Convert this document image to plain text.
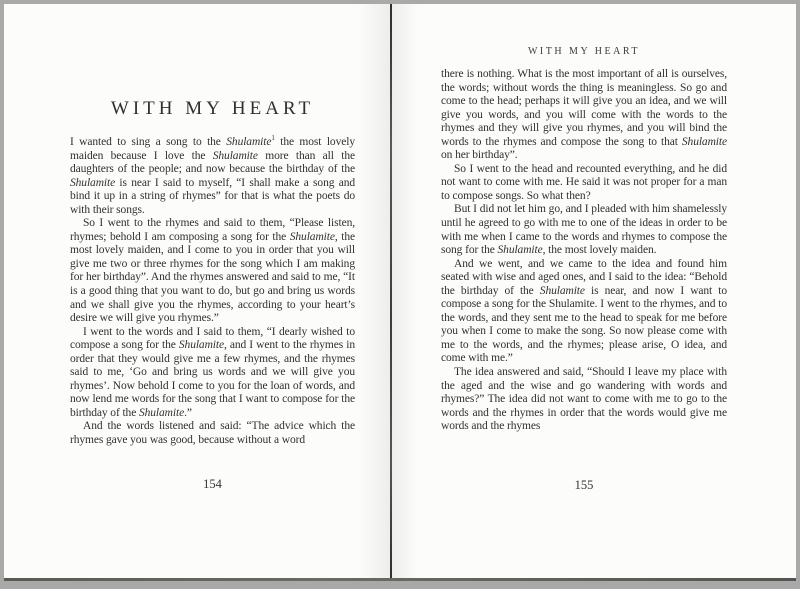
WITH MY HEART

I wanted to sing a song to the Shulamite$^1$ the most lovely maiden because I love the Shulamite more than all the daughters of the people; and now because the birthday of the Shulamite is near I said to myself, “I shall make a song and bind it up in a string of rhymes” for that is what the poets do with their songs.

So I went to the rhymes and said to them, “Please listen, rhymes; behold I am composing a song for the Shulamite, the most lovely maiden, and I come to you in order that you will give me two or three rhymes for the song which I am making for her birthday”. And the rhymes answered and said to me, “It is a good thing that you want to do, but go and bring us words and we shall give you the rhymes, according to your heart’s desire we will give you rhymes.”

I went to the words and I said to them, “I dearly wished to compose a song for the Shulamite, and I went to the rhymes in order that they would give me a few rhymes, and the rhymes said to me, ‘Go and bring us words and we will give you rhymes’. Now behold I come to you for the loan of words, and now lend me words for the song that I want to compose for the birthday of the Shulamite.”

And the words listened and said: “The advice which the rhymes gave you was good, because without a word

154
WITH MY HEART

there is nothing. What is the most important of all is ourselves, the words; without words the thing is meaningless. So go and come to the head; perhaps it will give you an idea, and we will give you words, and you will come with the words to the rhymes and they will give you rhymes, and you will bind the words to the rhymes and compose the song to that Shulamite on her birthday”.

So I went to the head and recounted everything, and he did not want to come with me. He said it was not proper for a man to compose songs. So what then?

But I did not let him go, and I pleaded with him shamelessly until he agreed to go with me to one of the ideas in order to be with me when I came to the words and rhymes to compose the song for the Shulamite, the most lovely maiden.

And we went, and we came to the idea and found him seated with wise and aged ones, and I said to the idea: “Behold the birthday of the Shulamite is near, and now I want to compose a song for the Shulamite. I went to the rhymes, and to the words, and they sent me to the head to speak for me before you when I come to make the song. So now please come with me to the words, and the rhymes; please arise, O idea, and come with me.”

The idea answered and said, “Should I leave my place with the aged and the wise and go wandering with words and rhymes?” The idea did not want to come with me to go to the words and the rhymes in order that the words would give me words and the rhymes

155
